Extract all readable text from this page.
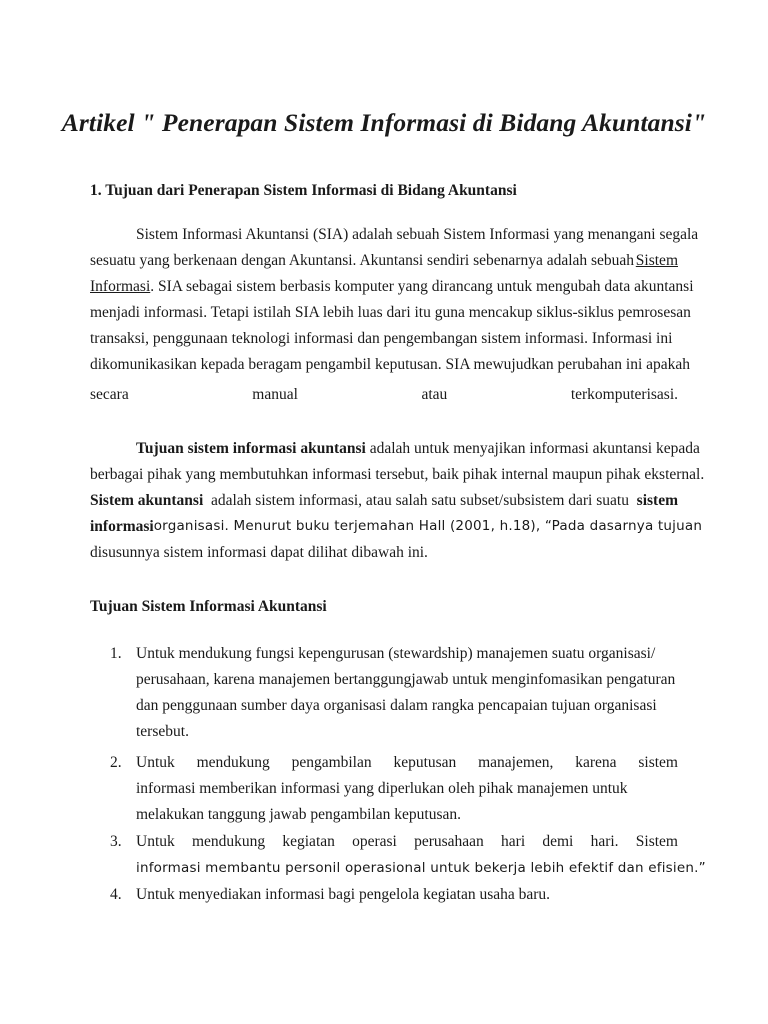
Artikel " Penerapan Sistem Informasi di Bidang Akuntansi"
1. Tujuan dari Penerapan Sistem Informasi di Bidang Akuntansi
Sistem Informasi Akuntansi (SIA) adalah sebuah Sistem Informasi yang menangani segala
sesuatu yang berkenaan dengan Akuntansi. Akuntansi sendiri sebenarnya adalah sebuah Sistem
Informasi. SIA sebagai sistem berbasis komputer yang dirancang untuk mengubah data akuntansi
menjadi informasi. Tetapi istilah SIA lebih luas dari itu guna mencakup siklus-siklus pemrosesan
transaksi, penggunaan teknologi informasi dan pengembangan sistem informasi. Informasi ini
dikomunikasikan kepada beragam pengambil keputusan. SIA mewujudkan perubahan ini apakah
secara	manual	atau	terkomputerisasi.
Tujuan sistem informasi akuntansi adalah untuk menyajikan informasi akuntansi kepada
berbagai pihak yang membutuhkan informasi tersebut, baik pihak internal maupun pihak eksternal.
Sistem akuntansi adalah sistem informasi, atau salah satu subset/subsistem dari suatu sistem
informasi organisasi. Menurut buku terjemahan Hall (2001, h.18), “Pada dasarnya tujuan
disusunnya sistem informasi dapat dilihat dibawah ini.
Tujuan Sistem Informasi Akuntansi
1. Untuk mendukung fungsi kepengurusan (stewardship) manajemen suatu organisasi/
perusahaan, karena manajemen bertanggungjawab untuk menginfomasikan pengaturan
dan penggunaan sumber daya organisasi dalam rangka pencapaian tujuan organisasi
tersebut.
2. Untuk mendukung pengambilan keputusan manajemen, karena sistem
informasi memberikan informasi yang diperlukan oleh pihak manajemen untuk
melakukan tanggung jawab pengambilan keputusan.
3. Untuk mendukung kegiatan operasi perusahaan hari demi hari. Sistem
informasi membantu personil operasional untuk bekerja lebih efektif dan efisien.”
4. Untuk menyediakan informasi bagi pengelola kegiatan usaha baru.
